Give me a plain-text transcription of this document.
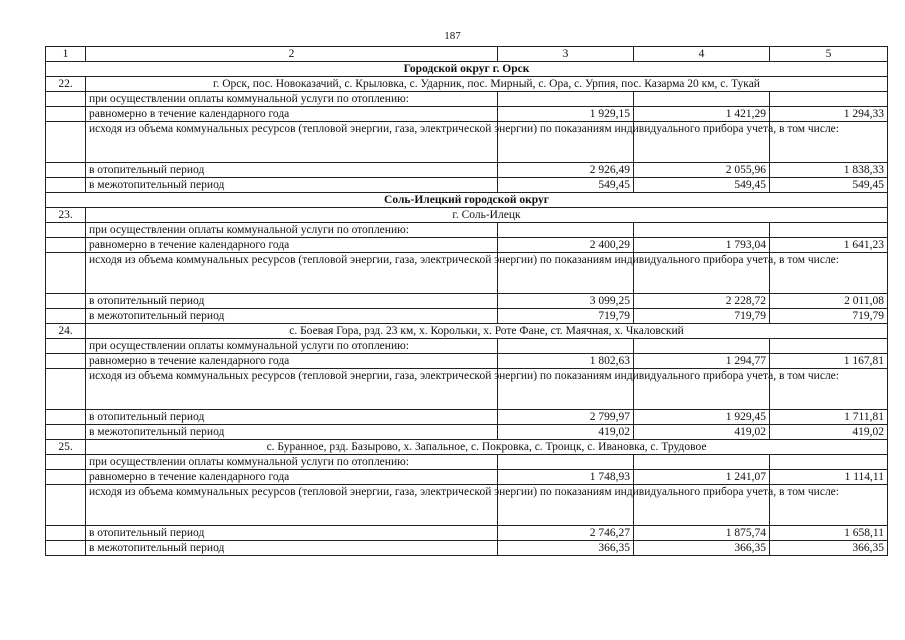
187
1	2	3	4	5
Городской округ г. Орск				
22.	г. Орск, пос. Новоказачий, с. Крыловка, с. Ударник, пос. Мирный, с. Ора, с. Урпия, пос. Казарма 20 км, с. Тукай			
	при осуществлении оплаты коммунальной услуги по отоплению:			
	равномерно в течение календарного года	1 929,15	1 421,29	1 294,33
	исходя из объема коммунальных ресурсов (тепловой энергии, газа, электрической энергии) по показаниям индивидуального прибора учета, в том числе:			
	в отопительный период	2 926,49	2 055,96	1 838,33
	в межотопительный период	549,45	549,45	549,45
Соль-Илецкий городской округ				
23.	г. Соль-Илецк			
	при осуществлении оплаты коммунальной услуги по отоплению:			
	равномерно в течение календарного года	2 400,29	1 793,04	1 641,23
	исходя из объема коммунальных ресурсов (тепловой энергии, газа, электрической энергии) по показаниям индивидуального прибора учета, в том числе:			
	в отопительный период	3 099,25	2 228,72	2 011,08
	в межотопительный период	719,79	719,79	719,79
24.	с. Боевая Гора, рзд. 23 км, х. Корольки, х. Роте Фане, ст. Маячная, х. Чкаловский			

	при осуществлении оплаты коммунальной услуги по отоплению:			
	равномерно в течение календарного года	1 802,63	1 294,77	1 167,81
	исходя из объема коммунальных ресурсов (тепловой энергии, газа, электрической энергии) по показаниям индивидуального прибора учета, в том числе:			
	в отопительный период	2 799,97	1 929,45	1 711,81
	в межотопительный период	419,02	419,02	419,02
25.	с. Буранное, рзд. Базырово, х. Запальное, с. Покровка, с. Троицк, с. Ивановка, с. Трудовое			
	при осуществлении оплаты коммунальной услуги по отоплению:			
	равномерно в течение календарного года	1 748,93	1 241,07	1 114,11
	исходя из объема коммунальных ресурсов (тепловой энергии, газа, электрической энергии) по показаниям индивидуального прибора учета, в том числе:			
	в отопительный период	2 746,27	1 875,74	1 658,11
	в межотопительный период	366,35	366,35	366,35
